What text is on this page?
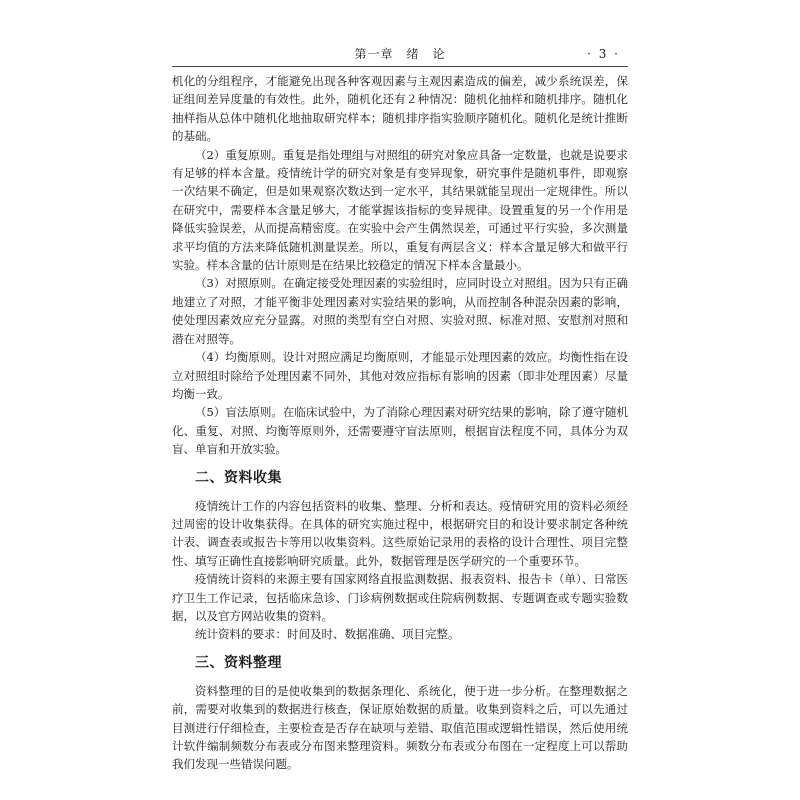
第一章　绪　论	· 3 ·

机化的分组程序，才能避免出现各种客观因素与主观因素造成的偏差，减少系统误差，保证组间差异度量的有效性。此外，随机化还有２种情况：随机化抽样和随机排序。随机化抽样指从总体中随机化地抽取研究样本；随机排序指实验顺序随机化。随机化是统计推断的基础。

（2）重复原则。重复是指处理组与对照组的研究对象应具备一定数量，也就是说要求有足够的样本含量。疫情统计学的研究对象是有变异现象，研究事件是随机事件，即观察一次结果不确定，但是如果观察次数达到一定水平，其结果就能呈现出一定规律性。所以在研究中，需要样本含量足够大，才能掌握该指标的变异规律。设置重复的另一个作用是降低实验误差，从而提高精密度。在实验中会产生偶然误差，可通过平行实验，多次测量求平均值的方法来降低随机测量误差。所以，重复有两层含义：样本含量足够大和做平行实验。样本含量的估计原则是在结果比较稳定的情况下样本含量最小。

（3）对照原则。在确定接受处理因素的实验组时，应同时设立对照组。因为只有正确地建立了对照，才能平衡非处理因素对实验结果的影响，从而控制各种混杂因素的影响，使处理因素效应充分显露。对照的类型有空白对照、实验对照、标准对照、安慰剂对照和潜在对照等。

（4）均衡原则。设计对照应满足均衡原则，才能显示处理因素的效应。均衡性指在设立对照组时除给予处理因素不同外，其他对效应指标有影响的因素（即非处理因素）尽量均衡一致。

（5）盲法原则。在临床试验中，为了消除心理因素对研究结果的影响，除了遵守随机化、重复、对照、均衡等原则外，还需要遵守盲法原则，根据盲法程度不同，具体分为双盲、单盲和开放实验。

二、资料收集

疫情统计工作的内容包括资料的收集、整理、分析和表达。疫情研究用的资料必须经过周密的设计收集获得。在具体的研究实施过程中，根据研究目的和设计要求制定各种统计表、调查表或报告卡等用以收集资料。这些原始记录用的表格的设计合理性、项目完整性、填写正确性直接影响研究质量。此外，数据管理是医学研究的一个重要环节。

疫情统计资料的来源主要有国家网络直报监测数据、报表资料、报告卡（单）、日常医疗卫生工作记录，包括临床急诊、门诊病例数据或住院病例数据、专题调查或专题实验数据，以及官方网站收集的资料。

统计资料的要求：时间及时、数据准确、项目完整。

三、资料整理

资料整理的目的是使收集到的数据条理化、系统化，便于进一步分析。在整理数据之前，需要对收集到的数据进行核查，保证原始数据的质量。收集到资料之后，可以先通过目测进行仔细检查，主要检查是否存在缺项与差错、取值范围或逻辑性错误，然后使用统计软件编制频数分布表或分布图来整理资料。频数分布表或分布图在一定程度上可以帮助我们发现一些错误问题。
